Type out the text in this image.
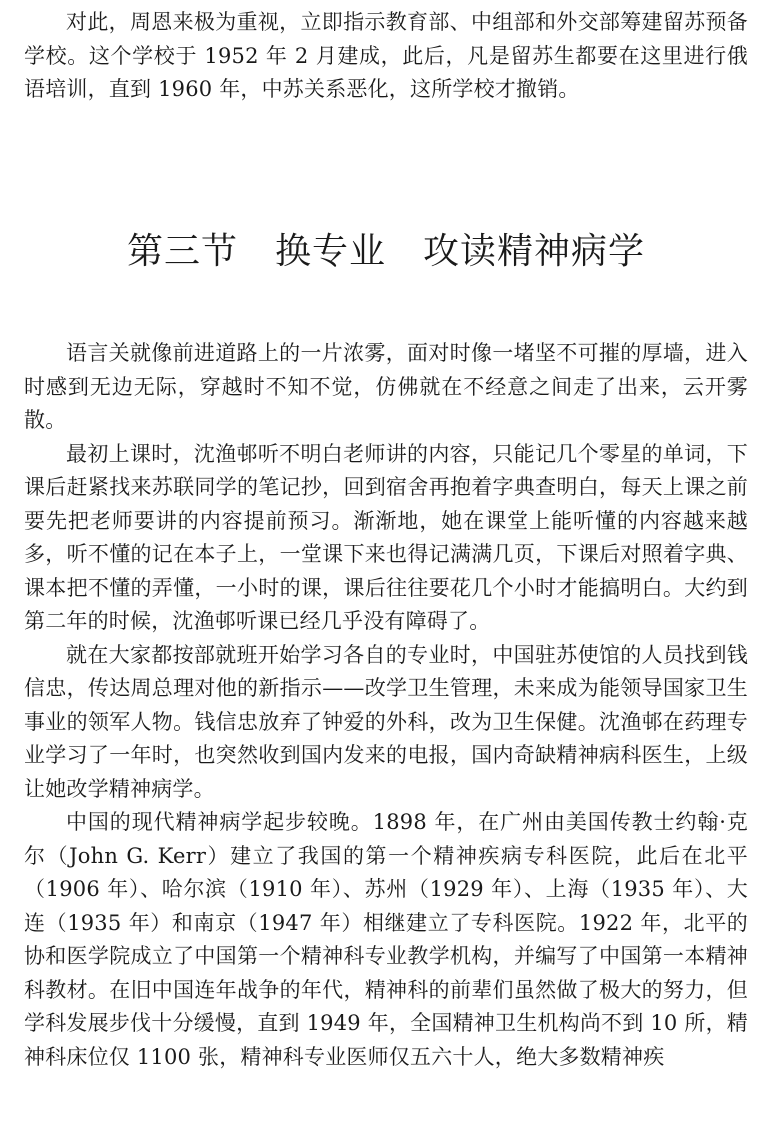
对此，周恩来极为重视，立即指示教育部、中组部和外交部筹建留苏预备学校。这个学校于 1952 年 2 月建成，此后，凡是留苏生都要在这里进行俄语培训，直到 1960 年，中苏关系恶化，这所学校才撤销。

第三节　换专业　攻读精神病学

语言关就像前进道路上的一片浓雾，面对时像一堵坚不可摧的厚墙，进入时感到无边无际，穿越时不知不觉，仿佛就在不经意之间走了出来，云开雾散。

最初上课时，沈渔邨听不明白老师讲的内容，只能记几个零星的单词，下课后赶紧找来苏联同学的笔记抄，回到宿舍再抱着字典查明白，每天上课之前要先把老师要讲的内容提前预习。渐渐地，她在课堂上能听懂的内容越来越多，听不懂的记在本子上，一堂课下来也得记满满几页，下课后对照着字典、课本把不懂的弄懂，一小时的课，课后往往要花几个小时才能搞明白。大约到第二年的时候，沈渔邨听课已经几乎没有障碍了。

就在大家都按部就班开始学习各自的专业时，中国驻苏使馆的人员找到钱信忠，传达周总理对他的新指示——改学卫生管理，未来成为能领导国家卫生事业的领军人物。钱信忠放弃了钟爱的外科，改为卫生保健。沈渔邨在药理专业学习了一年时，也突然收到国内发来的电报，国内奇缺精神病科医生，上级让她改学精神病学。

中国的现代精神病学起步较晚。1898 年，在广州由美国传教士约翰·克尔（John G. Kerr）建立了我国的第一个精神疾病专科医院，此后在北平（1906 年）、哈尔滨（1910 年）、苏州（1929 年）、上海（1935 年）、大连（1935 年）和南京（1947 年）相继建立了专科医院。1922 年，北平的协和医学院成立了中国第一个精神科专业教学机构，并编写了中国第一本精神科教材。在旧中国连年战争的年代，精神科的前辈们虽然做了极大的努力，但学科发展步伐十分缓慢，直到 1949 年，全国精神卫生机构尚不到 10 所，精神科床位仅 1100 张，精神科专业医师仅五六十人，绝大多数精神疾
